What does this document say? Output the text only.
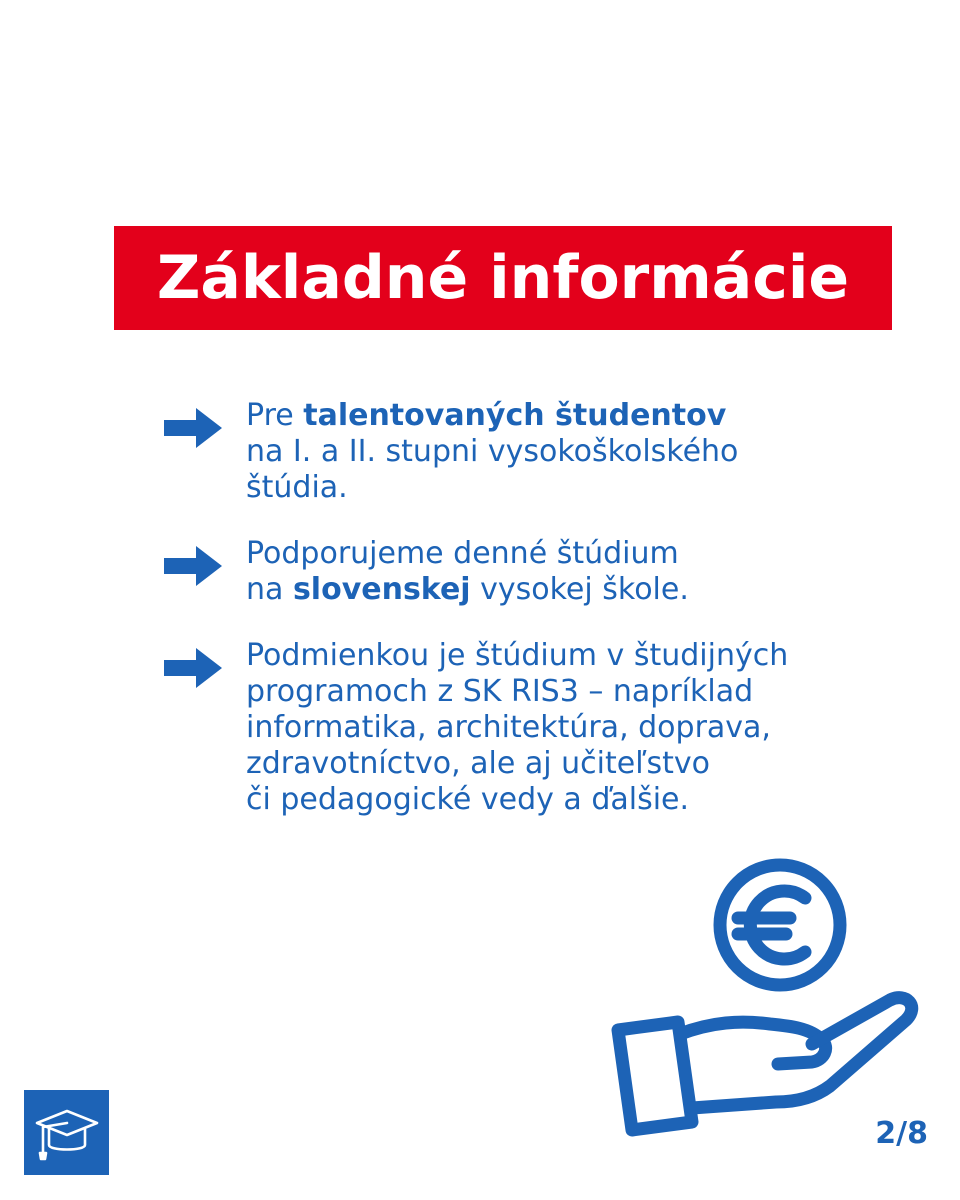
Základné informácie
Pre talentovaných študentov
na I. a II. stupni vysokoškolského
štúdia.
Podporujeme denné štúdium
na slovenskej vysokej škole.
Podmienkou je štúdium v študijných
programoch z SK RIS3 – napríklad
informatika, architektúra, doprava,
zdravotníctvo, ale aj učiteľstvo
či pedagogické vedy a ďalšie.
2/8
